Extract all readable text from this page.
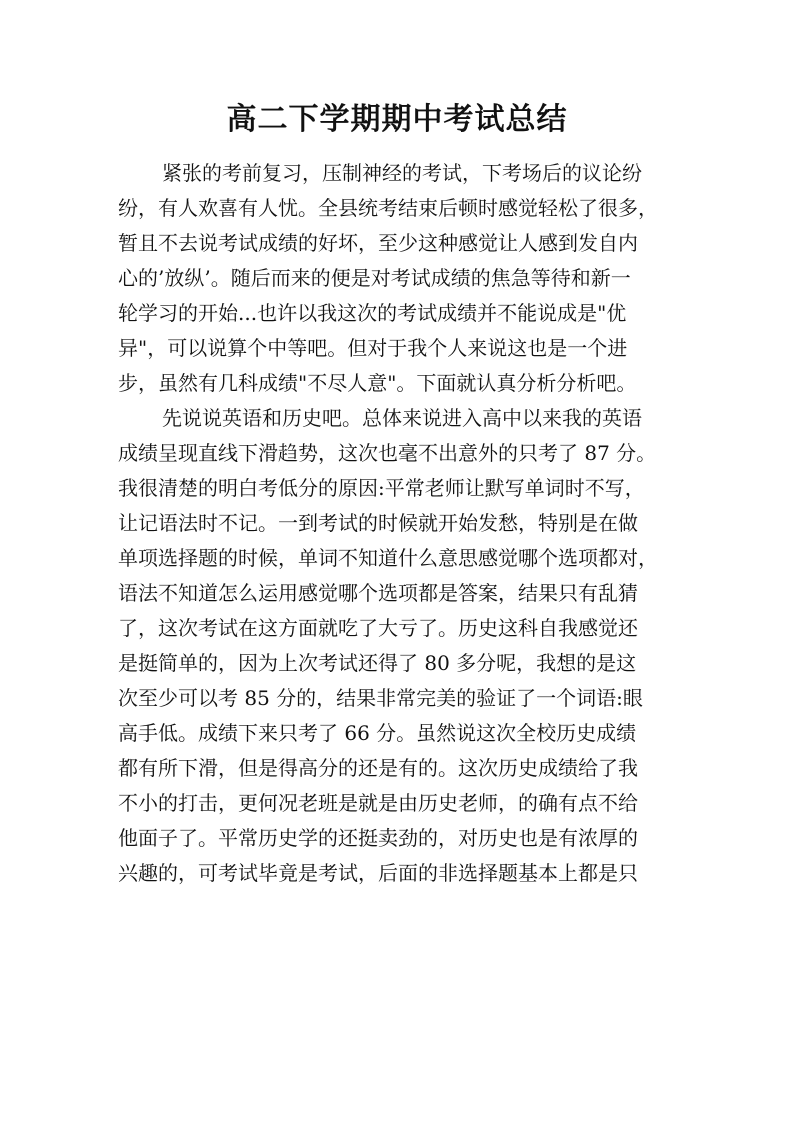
高二下学期期中考试总结
紧张的考前复习，压制神经的考试，下考场后的议论纷
纷，有人欢喜有人忧。全县统考结束后顿时感觉轻松了很多，
暂且不去说考试成绩的好坏，至少这种感觉让人感到发自内
心的’放纵’。随后而来的便是对考试成绩的焦急等待和新一
轮学习的开始...也许以我这次的考试成绩并不能说成是"优
异"，可以说算个中等吧。但对于我个人来说这也是一个进
步，虽然有几科成绩"不尽人意"。下面就认真分析分析吧。
先说说英语和历史吧。总体来说进入高中以来我的英语
成绩呈现直线下滑趋势，这次也毫不出意外的只考了 87 分。
我很清楚的明白考低分的原因:平常老师让默写单词时不写，
让记语法时不记。一到考试的时候就开始发愁，特别是在做
单项选择题的时候，单词不知道什么意思感觉哪个选项都对，
语法不知道怎么运用感觉哪个选项都是答案，结果只有乱猜
了，这次考试在这方面就吃了大亏了。历史这科自我感觉还
是挺简单的，因为上次考试还得了 80 多分呢，我想的是这
次至少可以考 85 分的，结果非常完美的验证了一个词语:眼
高手低。成绩下来只考了 66 分。虽然说这次全校历史成绩
都有所下滑，但是得高分的还是有的。这次历史成绩给了我
不小的打击，更何况老班是就是由历史老师，的确有点不给
他面子了。平常历史学的还挺卖劲的，对历史也是有浓厚的
兴趣的，可考试毕竟是考试，后面的非选择题基本上都是只
